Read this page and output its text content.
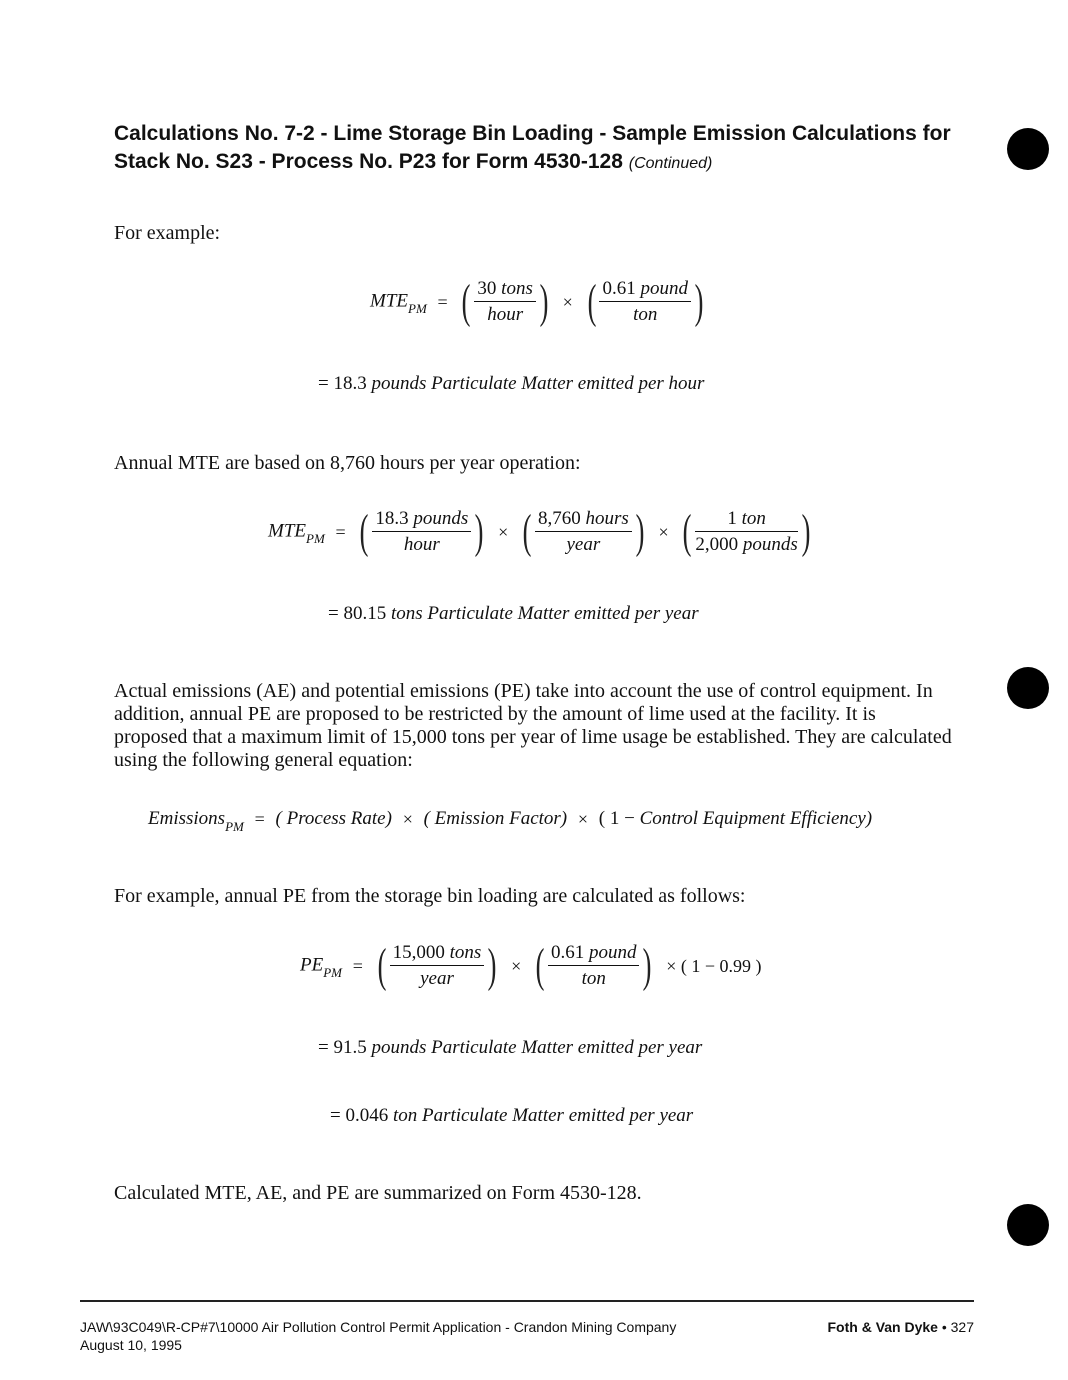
Calculations No. 7-2 - Lime Storage Bin Loading - Sample Emission Calculations for Stack No. S23 - Process No. P23 for Form 4530-128 (Continued)
For example:
$MTE_{PM}$ = ( $\frac{\text{30 tons}}{\text{hour}}$ ) × ( $\frac{\text{0.61 pound}}{\text{ton}}$ )
= 18.3 pounds Particulate Matter emitted per hour
Annual MTE are based on 8,760 hours per year operation:
$MTE_{PM}$ = ( $\frac{\text{18.3 pounds}}{\text{hour}}$ ) × ( $\frac{\text{8,760 hours}}{\text{year}}$ ) × ( $\frac{\text{1 ton}}{\text{2,000 pounds}}$ )
= 80.15 tons Particulate Matter emitted per year
Actual emissions (AE) and potential emissions (PE) take into account the use of control equipment. In addition, annual PE are proposed to be restricted by the amount of lime used at the facility. It is proposed that a maximum limit of 15,000 tons per year of lime usage be established. They are calculated using the following general equation:
Emissions$_{PM}$ = ( Process Rate) × ( Emission Factor) × ( 1 − Control Equipment Efficiency)
For example, annual PE from the storage bin loading are calculated as follows:
$PE_{PM}$ = ( $\frac{\text{15,000 tons}}{\text{year}}$ ) × ( $\frac{\text{0.61 pound}}{\text{ton}}$ ) × ( 1 − 0.99 )
= 91.5 pounds Particulate Matter emitted per year
= 0.046 ton Particulate Matter emitted per year
Calculated MTE, AE, and PE are summarized on Form 4530-128.
JAW\93C049\R-CP#7\10000 Air Pollution Control Permit Application - Crandon Mining Company
August 10, 1995
Foth & Van Dyke • 327
